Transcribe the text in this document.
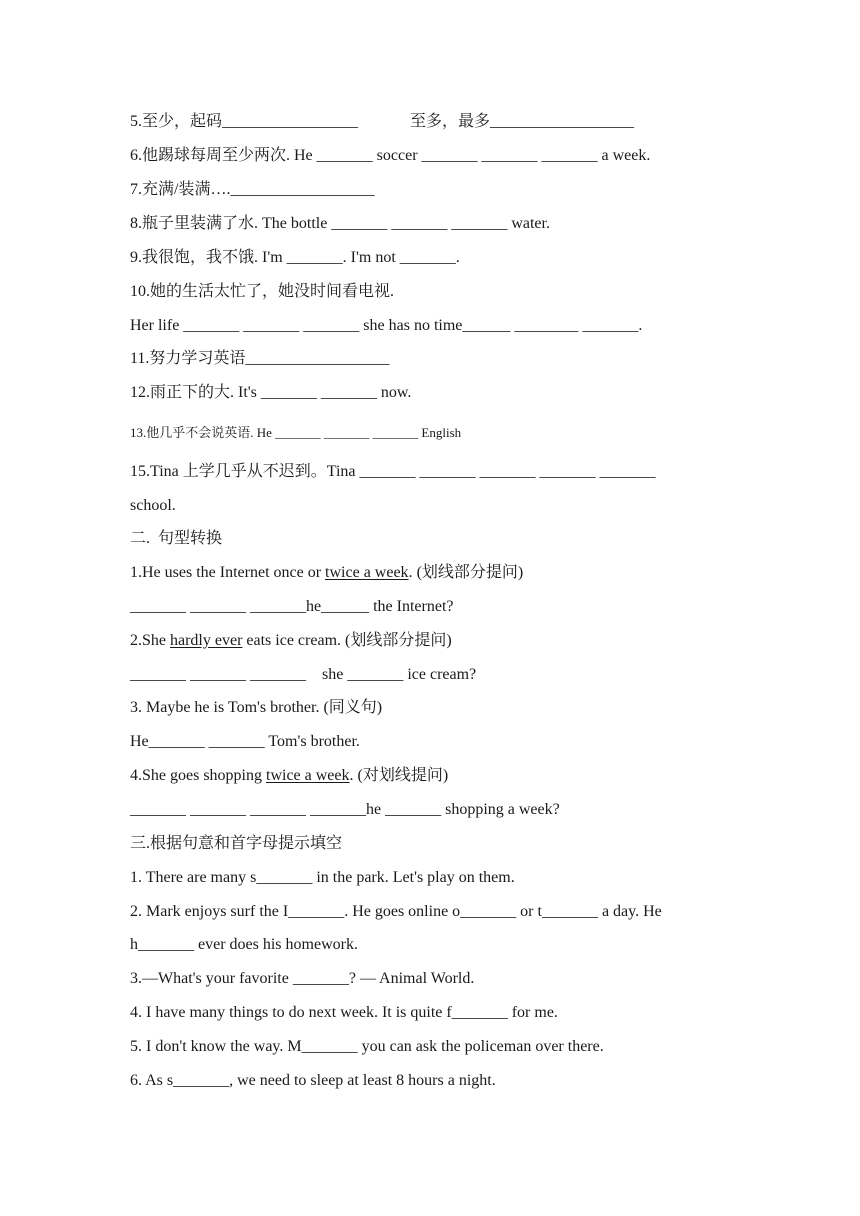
5.至少，起码_________________             至多，最多__________________
6.他踢球每周至少两次. He _______ soccer _______ _______ _______ a week.
7.充满/装满….__________________
8.瓶子里装满了水. The bottle _______ _______ _______ water.
9.我很饱，我不饿. I'm _______. I'm not _______.
10.她的生活太忙了，她没时间看电视.
Her life _______ _______ _______ she has no time______ ________ _______.
11.努力学习英语__________________
12.雨正下的大. It's _______ _______ now.
13.他几乎不会说英语. He _______ _______ _______ English
15.Tina 上学几乎从不迟到。Tina _______ _______ _______ _______ _______
school.
二.  句型转换
1.He uses the Internet once or twice a week. (划线部分提问)
_______ _______ _______he______ the Internet?
2.She hardly ever eats ice cream. (划线部分提问)
_______ _______ _______    she _______ ice cream?
3. Maybe he is Tom's brother. (同义句)
He_______ _______ Tom's brother.
4.She goes shopping twice a week. (对划线提问)
_______ _______ _______ _______he _______ shopping a week?
三.根据句意和首字母提示填空
1. There are many s_______ in the park. Let's play on them.
2. Mark enjoys surf the I_______. He goes online o_______ or t_______ a day. He
h_______ ever does his homework.
3.—What's your favorite _______? — Animal World.
4. I have many things to do next week. It is quite f_______ for me.
5. I don't know the way. M_______ you can ask the policeman over there.
6. As s_______, we need to sleep at least 8 hours a night.
